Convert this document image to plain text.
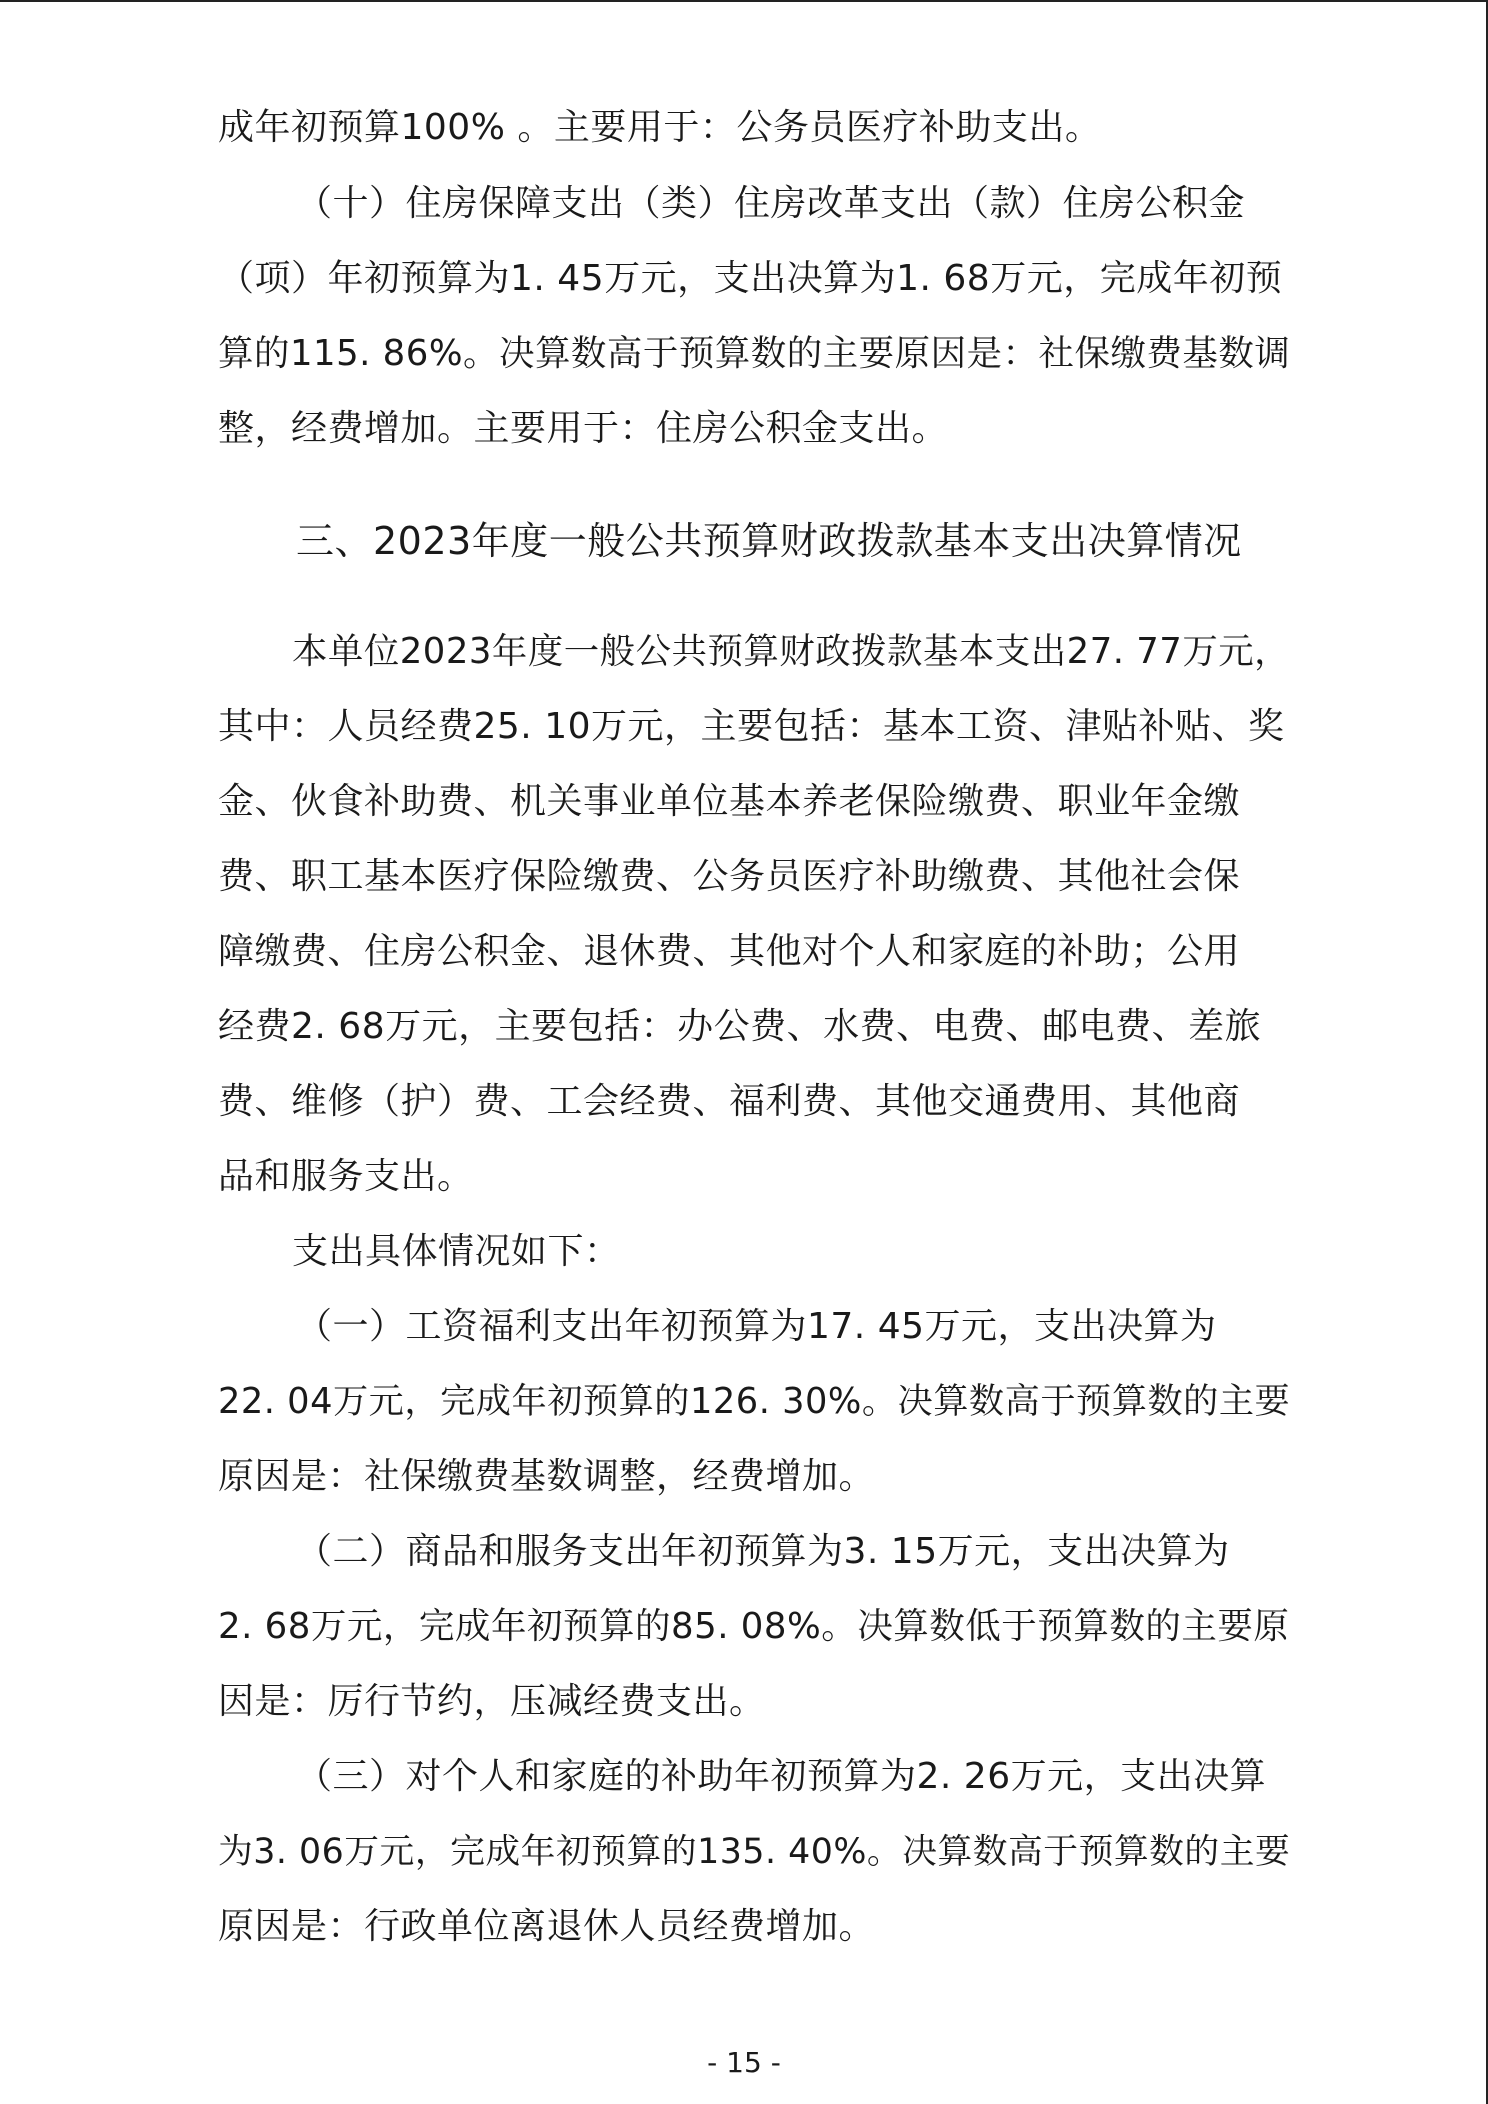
成年初预算100% 。主要用于：公务员医疗补助支出。
（十）住房保障支出（类）住房改革支出（款）住房公积金
（项）年初预算为1. 45万元，支出决算为1. 68万元，完成年初预
算的115. 86%。决算数高于预算数的主要原因是：社保缴费基数调
整，经费增加。主要用于：住房公积金支出。
三、2023年度一般公共预算财政拨款基本支出决算情况
本单位2023年度一般公共预算财政拨款基本支出27. 77万元，
其中：人员经费25. 10万元，主要包括：基本工资、津贴补贴、奖
金、伙食补助费、机关事业单位基本养老保险缴费、职业年金缴
费、职工基本医疗保险缴费、公务员医疗补助缴费、其他社会保
障缴费、住房公积金、退休费、其他对个人和家庭的补助；公用
经费2. 68万元，主要包括：办公费、水费、电费、邮电费、差旅
费、维修（护）费、工会经费、福利费、其他交通费用、其他商
品和服务支出。
支出具体情况如下：
（一）工资福利支出年初预算为17. 45万元，支出决算为
22. 04万元，完成年初预算的126. 30%。决算数高于预算数的主要
原因是：社保缴费基数调整，经费增加。
（二）商品和服务支出年初预算为3. 15万元，支出决算为
2. 68万元，完成年初预算的85. 08%。决算数低于预算数的主要原
因是：厉行节约，压减经费支出。
（三）对个人和家庭的补助年初预算为2. 26万元，支出决算
为3. 06万元，完成年初预算的135. 40%。决算数高于预算数的主要
原因是：行政单位离退休人员经费增加。
- 15 -
